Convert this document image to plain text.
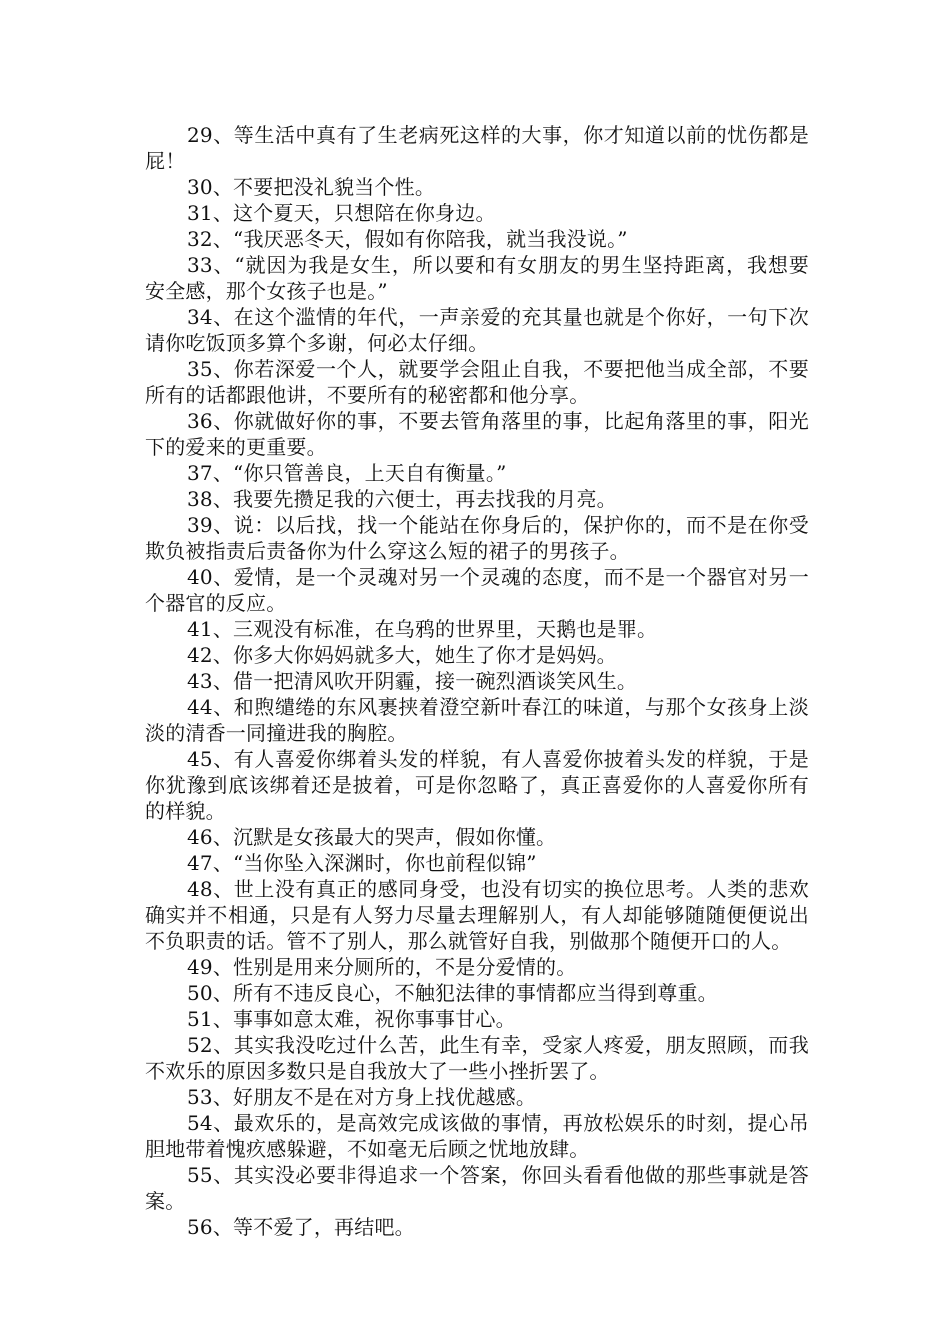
29、等生活中真有了生老病死这样的大事，你才知道以前的忧伤都是屁！

30、不要把没礼貌当个性。

31、这个夏天，只想陪在你身边。

32、“我厌恶冬天，假如有你陪我，就当我没说。”

33、“就因为我是女生，所以要和有女朋友的男生坚持距离，我想要安全感，那个女孩子也是。”

34、在这个滥情的年代，一声亲爱的充其量也就是个你好，一句下次请你吃饭顶多算个多谢，何必太仔细。

35、你若深爱一个人，就要学会阻止自我，不要把他当成全部，不要所有的话都跟他讲，不要所有的秘密都和他分享。

36、你就做好你的事，不要去管角落里的事，比起角落里的事，阳光下的爱来的更重要。

37、“你只管善良，上天自有衡量。”

38、我要先攒足我的六便士，再去找我的月亮。

39、说：以后找，找一个能站在你身后的，保护你的，而不是在你受欺负被指责后责备你为什么穿这么短的裙子的男孩子。

40、爱情，是一个灵魂对另一个灵魂的态度，而不是一个器官对另一个器官的反应。

41、三观没有标准，在乌鸦的世界里，天鹅也是罪。

42、你多大你妈妈就多大，她生了你才是妈妈。

43、借一把清风吹开阴霾，接一碗烈酒谈笑风生。

44、和煦缱绻的东风裹挟着澄空新叶春江的味道，与那个女孩身上淡淡的清香一同撞进我的胸腔。

45、有人喜爱你绑着头发的样貌，有人喜爱你披着头发的样貌，于是你犹豫到底该绑着还是披着，可是你忽略了，真正喜爱你的人喜爱你所有的样貌。

46、沉默是女孩最大的哭声，假如你懂。

47、“当你坠入深渊时，你也前程似锦”

48、世上没有真正的感同身受，也没有切实的换位思考。人类的悲欢确实并不相通，只是有人努力尽量去理解别人，有人却能够随随便便说出不负职责的话。管不了别人，那么就管好自我，别做那个随便开口的人。

49、性别是用来分厕所的，不是分爱情的。

50、所有不违反良心，不触犯法律的事情都应当得到尊重。

51、事事如意太难，祝你事事甘心。

52、其实我没吃过什么苦，此生有幸，受家人疼爱，朋友照顾，而我不欢乐的原因多数只是自我放大了一些小挫折罢了。

53、好朋友不是在对方身上找优越感。

54、最欢乐的，是高效完成该做的事情，再放松娱乐的时刻，提心吊胆地带着愧疚感躲避，不如毫无后顾之忧地放肆。

55、其实没必要非得追求一个答案，你回头看看他做的那些事就是答案。

56、等不爱了，再结吧。
